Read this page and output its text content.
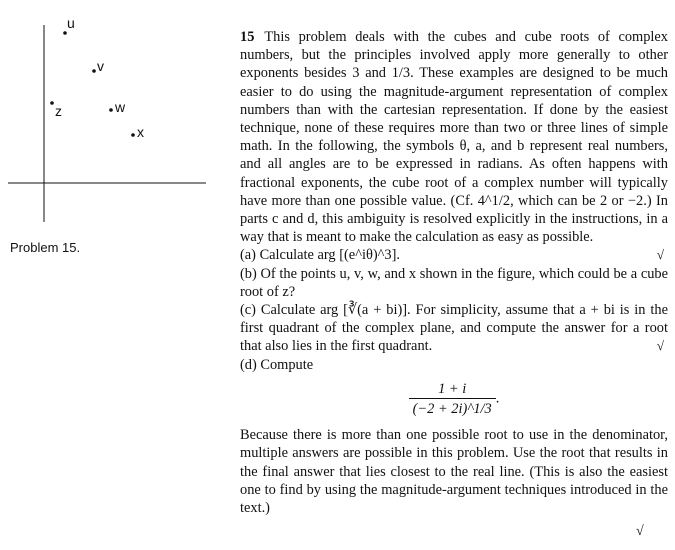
u
v
z	w
x
Problem 15.

15 This problem deals with the cubes and cube roots of complex numbers, but the principles involved apply more generally to other exponents besides 3 and 1/3. These examples are designed to be much easier to do using the magnitude-argument representation of complex numbers than with the cartesian representation. If done by the easiest technique, none of these requires more than two or three lines of simple math. In the following, the symbols θ, a, and b represent real numbers, and all angles are to be expressed in radians. As often happens with fractional exponents, the cube root of a complex number will typically have more than one possible value. (Cf. 4^1/2, which can be 2 or −2.) In parts c and d, this ambiguity is resolved explicitly in the instructions, in a way that is meant to make the calculation as easy as possible.

(a) Calculate arg [(e^iθ)^3].	√

(b) Of the points u, v, w, and x shown in the figure, which could be a cube root of z?

(c) Calculate arg [∛(a + bi)]. For simplicity, assume that a + bi is in the first quadrant of the complex plane, and compute the answer for a root that also lies in the first quadrant.	√

(d) Compute

$\frac{1 + i}{(-2 + 2i)\^{}1/3}$ .

Because there is more than one possible root to use in the denominator, multiple answers are possible in this problem. Use the root that results in the final answer that lies closest to the real line. (This is also the easiest one to find by using the magnitude-argument techniques introduced in the text.)

√
